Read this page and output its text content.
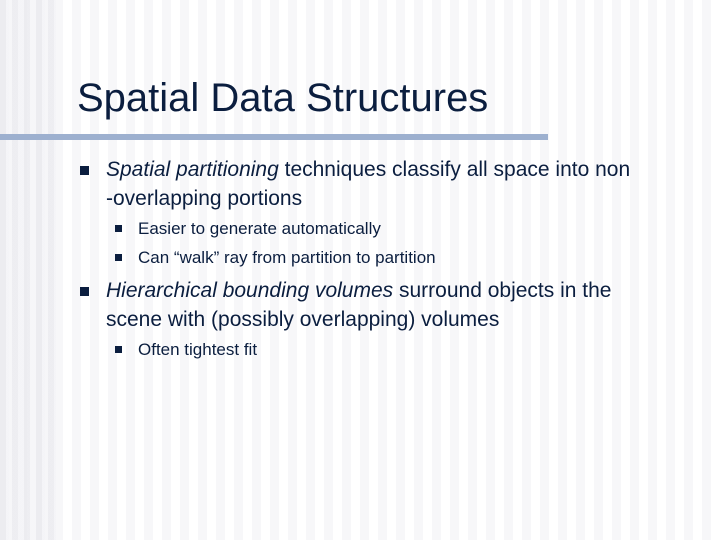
Spatial Data Structures
Spatial partitioning techniques classify all space into non
-overlapping portions
Easier to generate automatically
Can “walk” ray from partition to partition
Hierarchical bounding volumes surround objects in the
scene with (possibly overlapping) volumes
Often tightest fit
